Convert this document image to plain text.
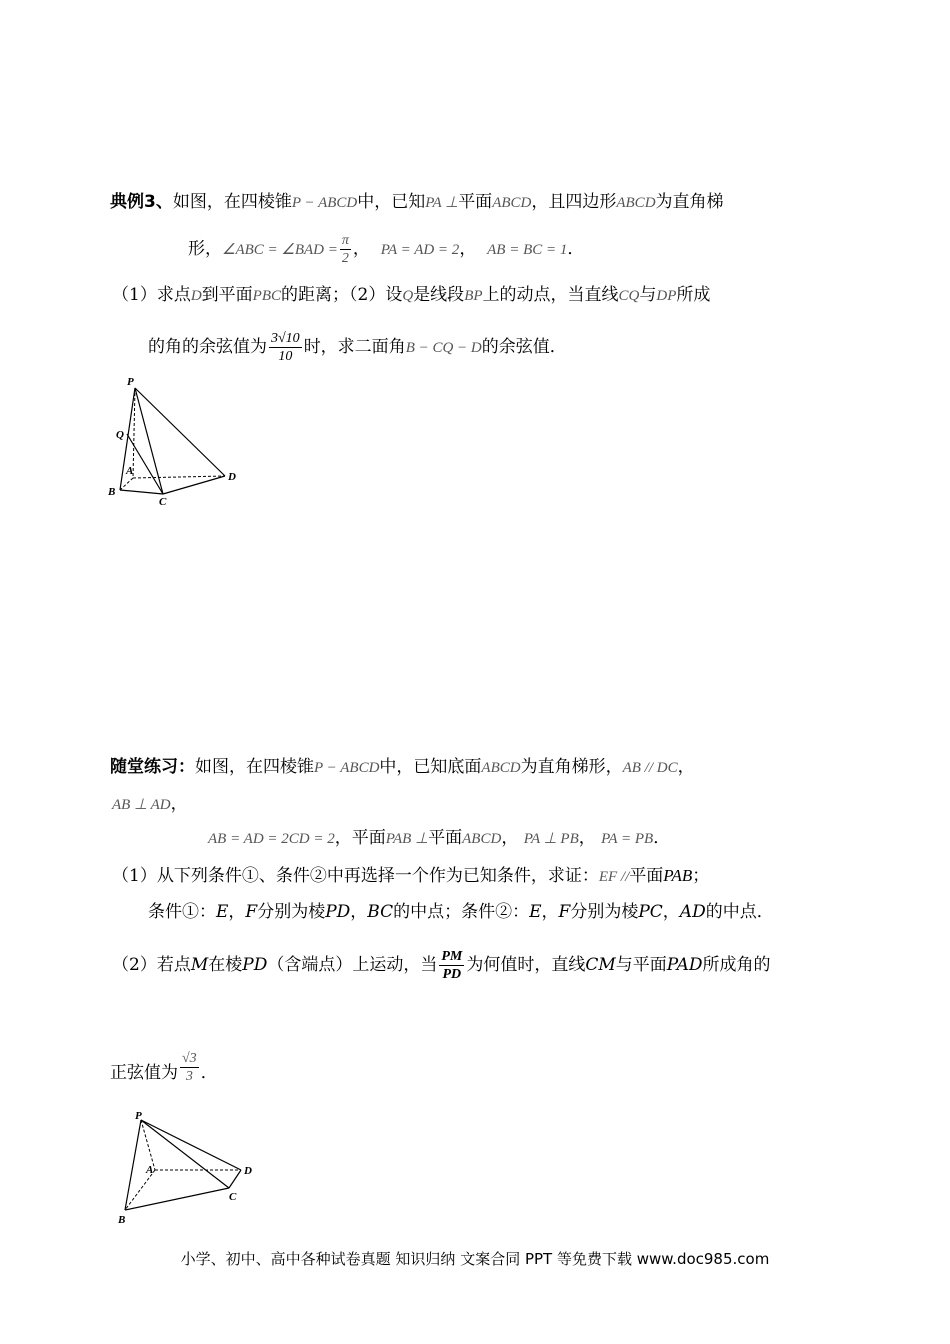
典例3、如图，在四棱锥P − ABCD中，已知PA ⊥平面ABCD，且四边形ABCD为直角梯
形，∠ABC = ∠BAD = $\frac{\pi}{2}$ ， PA = AD = 2， AB = BC = 1．
（1）求点D到平面PBC的距离；（2）设Q是线段BP上的动点，当直线CQ与DP所成
的角的余弦值为 $\frac{3√10}{10}$ 时，求二面角B − CQ − D的余弦值．
P
Q
A
B
C
D
随堂练习：如图，在四棱锥P − ABCD中，已知底面ABCD为直角梯形，AB // DC，
AB ⊥ AD，
AB = AD = 2CD = 2，平面PAB ⊥平面ABCD， PA ⊥ PB， PA = PB．
（1）从下列条件①、条件②中再选择一个作为已知条件，求证：EF //平面PAB；
条件①：E，F分别为棱PD，BC的中点；条件②：E，F分别为棱PC，AD的中点．
（2）若点M在棱PD（含端点）上运动，当 $\frac{PM}{PD}$ 为何值时，直线CM与平面PAD所成角的
正弦值为 $\frac{√3}{3}$ ．
P
A
B
C
D
小学、初中、高中各种试卷真题 知识归纳 文案合同 PPT 等免费下载 www.doc985.com
